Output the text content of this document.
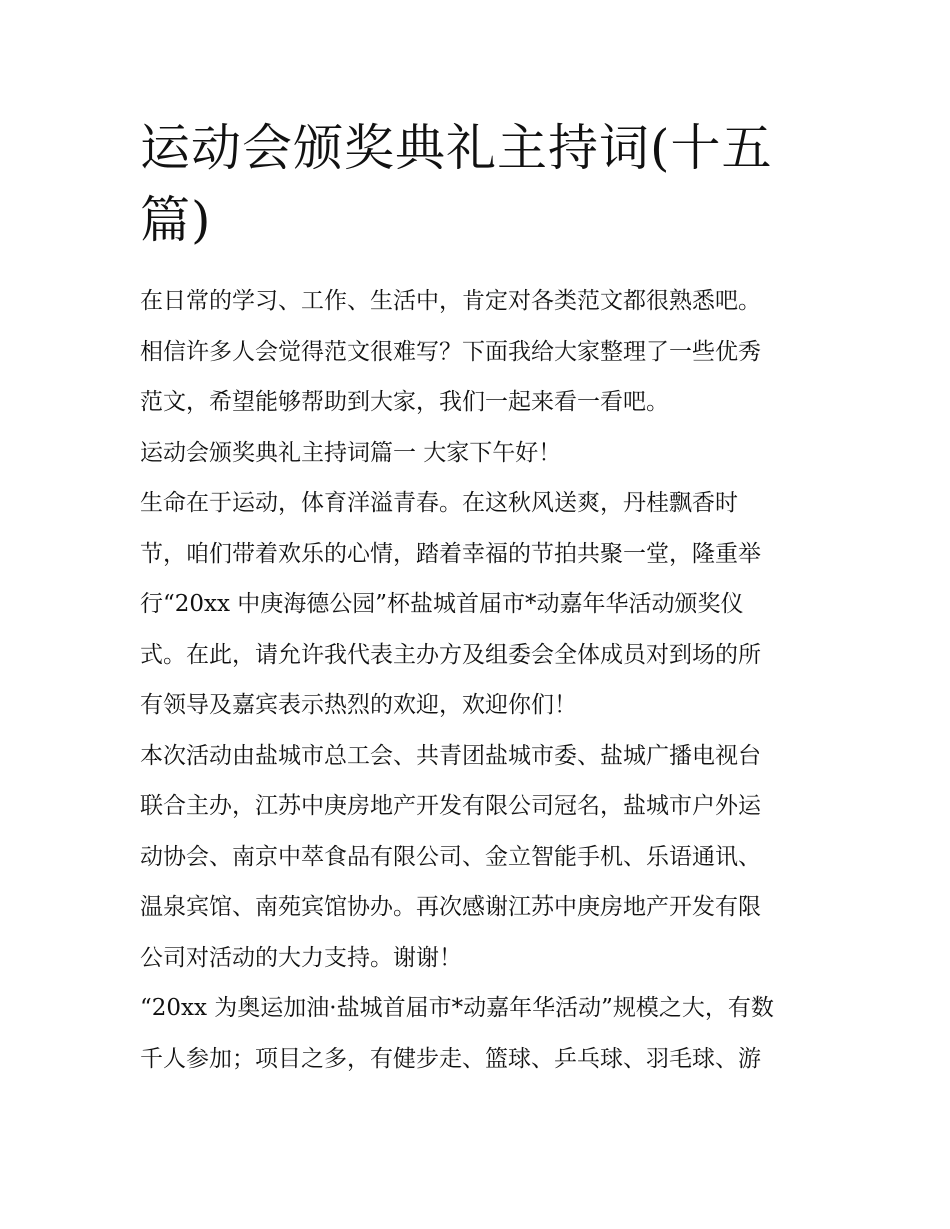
运动会颁奖典礼主持词(十五
篇)
在日常的学习、工作、生活中，肯定对各类范文都很熟悉吧。
相信许多人会觉得范文很难写？下面我给大家整理了一些优秀
范文，希望能够帮助到大家，我们一起来看一看吧。
运动会颁奖典礼主持词篇一 大家下午好！
生命在于运动，体育洋溢青春。在这秋风送爽，丹桂飘香时
节，咱们带着欢乐的心情，踏着幸福的节拍共聚一堂，隆重举
行“20xx 中庚海德公园”杯盐城首届市*动嘉年华活动颁奖仪
式。在此，请允许我代表主办方及组委会全体成员对到场的所
有领导及嘉宾表示热烈的欢迎，欢迎你们！
本次活动由盐城市总工会、共青团盐城市委、盐城广播电视台
联合主办，江苏中庚房地产开发有限公司冠名，盐城市户外运
动协会、南京中萃食品有限公司、金立智能手机、乐语通讯、
温泉宾馆、南苑宾馆协办。再次感谢江苏中庚房地产开发有限
公司对活动的大力支持。谢谢！
“20xx 为奥运加油·盐城首届市*动嘉年华活动”规模之大，有数
千人参加；项目之多，有健步走、篮球、乒乓球、羽毛球、游
